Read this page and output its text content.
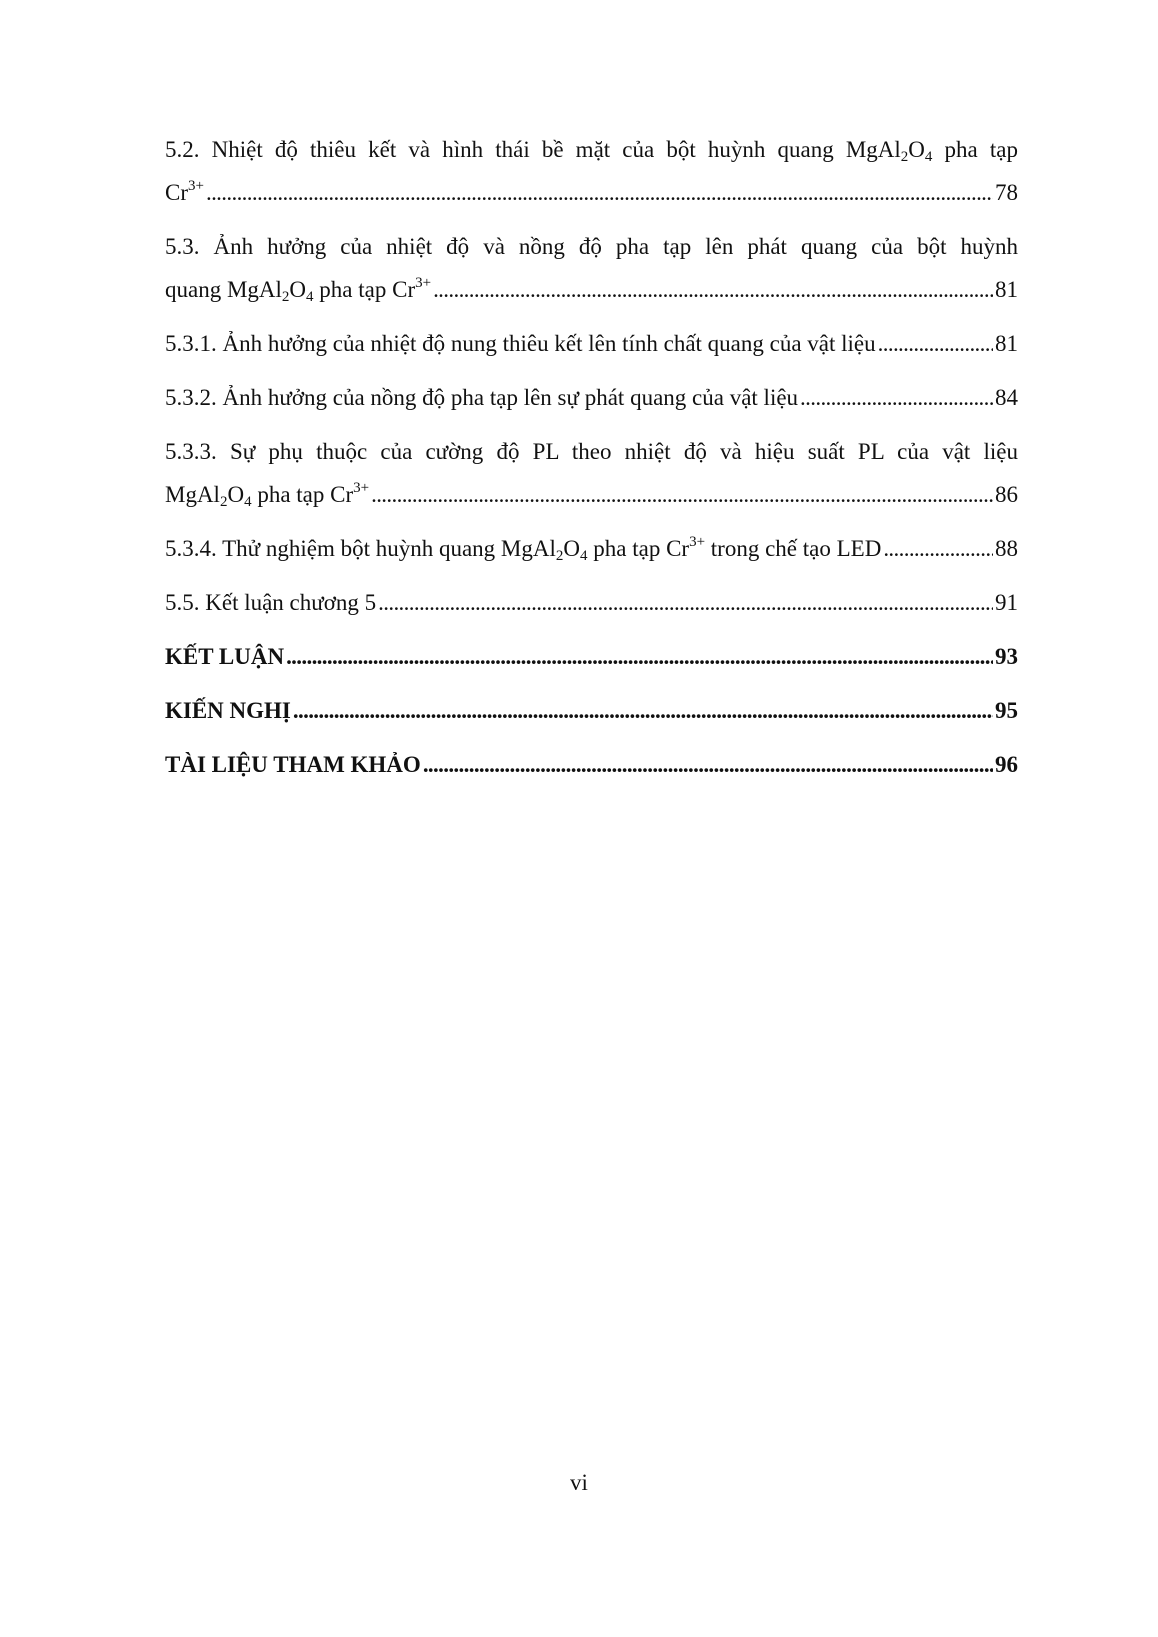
5.2. Nhiệt độ thiêu kết và hình thái bề mặt của bột huỳnh quang $MgAl_2O_4$ pha tạp
$Cr^{3+}$ . . .	78
5.3. Ảnh hưởng của nhiệt độ và nồng độ pha tạp lên phát quang của bột huỳnh
quang $MgAl_2O_4$ pha tạp $Cr^{3+}$ . . .	81
5.3.1. Ảnh hưởng của nhiệt độ nung thiêu kết lên tính chất quang của vật liệu . . .	81
5.3.2. Ảnh hưởng của nồng độ pha tạp lên sự phát quang của vật liệu . . .	84
5.3.3. Sự phụ thuộc của cường độ PL theo nhiệt độ và hiệu suất PL của vật liệu
$MgAl_2O_4$ pha tạp $Cr^{3+}$ . . .	86
5.3.4. Thử nghiệm bột huỳnh quang $MgAl_2O_4$ pha tạp $Cr^{3+}$ trong chế tạo LED . . .	88
5.5. Kết luận chương 5 . . .	91
KẾT LUẬN . . .	93
KIẾN NGHỊ . . .	95
TÀI LIỆU THAM KHẢO . . .	96
vi
